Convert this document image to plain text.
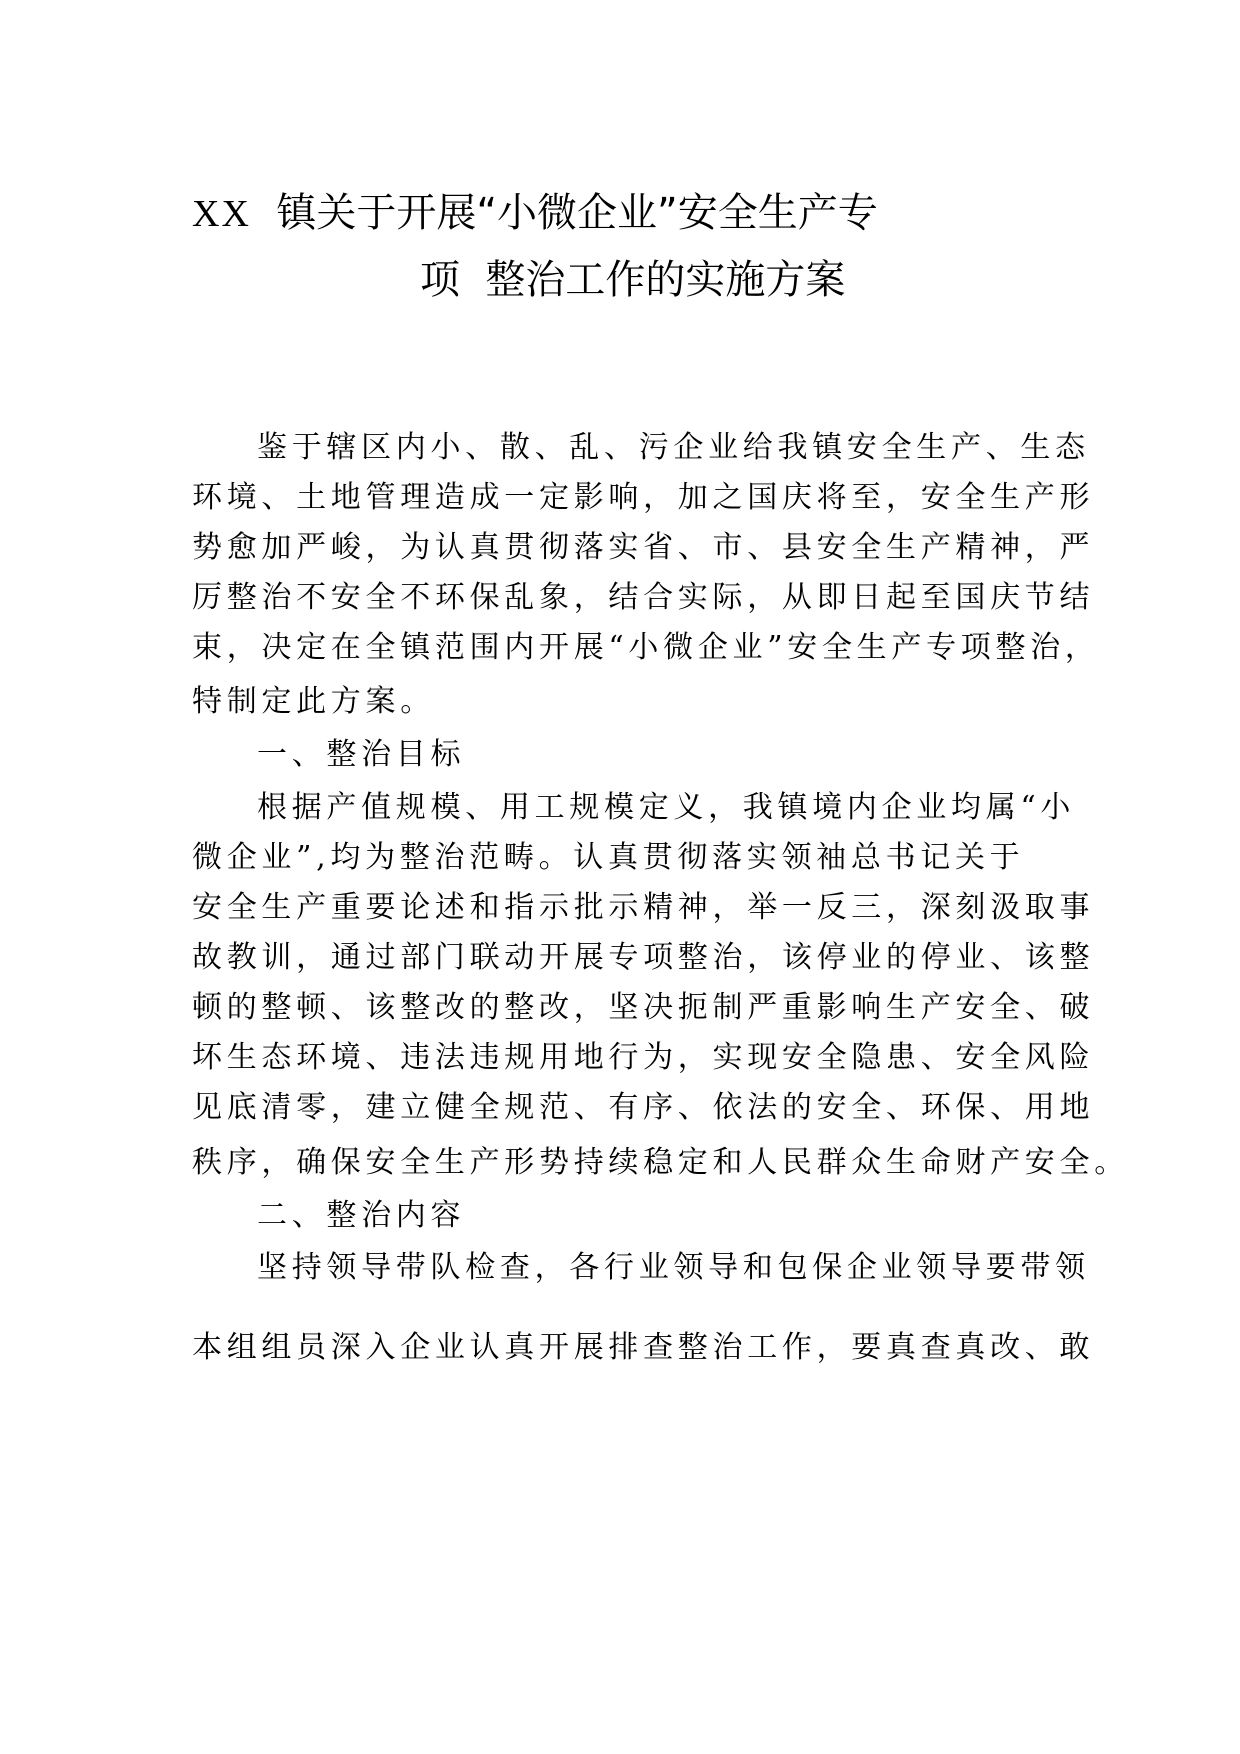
XX 镇关于开展“小微企业”安全生产专
项  整治工作的实施方案
鉴于辖区内小、散、乱、污企业给我镇安全生产、生态
环境、土地管理造成一定影响，加之国庆将至，安全生产形
势愈加严峻，为认真贯彻落实省、市、县安全生产精神，严
厉整治不安全不环保乱象，结合实际，从即日起至国庆节结
束，决定在全镇范围内开展“小微企业”安全生产专项整治，
特制定此方案。
一、整治目标
根据产值规模、用工规模定义，我镇境内企业均属“小
微企业”,均为整治范畴。认真贯彻落实领袖总书记关于
安全生产重要论述和指示批示精神，举一反三，深刻汲取事
故教训，通过部门联动开展专项整治，该停业的停业、该整
顿的整顿、该整改的整改，坚决扼制严重影响生产安全、破
坏生态环境、违法违规用地行为，实现安全隐患、安全风险
见底清零，建立健全规范、有序、依法的安全、环保、用地
秩序，确保安全生产形势持续稳定和人民群众生命财产安全。
二、整治内容
坚持领导带队检查，各行业领导和包保企业领导要带领
本组组员深入企业认真开展排查整治工作，要真查真改、敢
